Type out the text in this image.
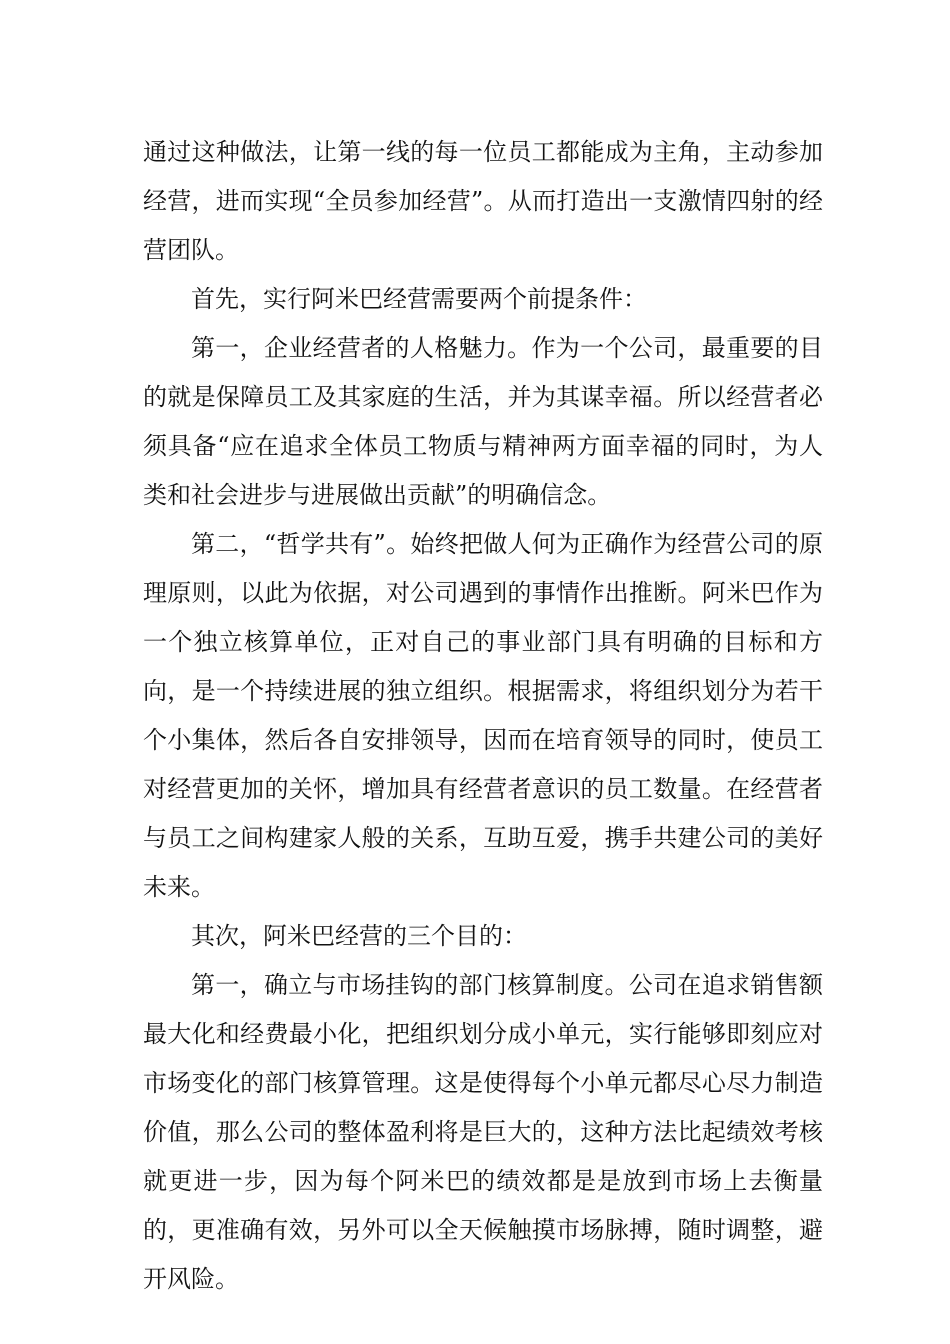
通过这种做法，让第一线的每一位员工都能成为主角，主动参加经营，进而实现“全员参加经营”。从而打造出一支激情四射的经营团队。

首先，实行阿米巴经营需要两个前提条件：

第一，企业经营者的人格魅力。作为一个公司，最重要的目的就是保障员工及其家庭的生活，并为其谋幸福。所以经营者必须具备“应在追求全体员工物质与精神两方面幸福的同时，为人类和社会进步与进展做出贡献”的明确信念。

第二，“哲学共有”。始终把做人何为正确作为经营公司的原理原则，以此为依据，对公司遇到的事情作出推断。阿米巴作为一个独立核算单位，正对自己的事业部门具有明确的目标和方向，是一个持续进展的独立组织。根据需求，将组织划分为若干个小集体，然后各自安排领导，因而在培育领导的同时，使员工对经营更加的关怀，增加具有经营者意识的员工数量。在经营者与员工之间构建家人般的关系，互助互爱，携手共建公司的美好未来。

其次，阿米巴经营的三个目的：

第一，确立与市场挂钩的部门核算制度。公司在追求销售额最大化和经费最小化，把组织划分成小单元，实行能够即刻应对市场变化的部门核算管理。这是使得每个小单元都尽心尽力制造价值，那么公司的整体盈利将是巨大的，这种方法比起绩效考核就更进一步，因为每个阿米巴的绩效都是是放到市场上去衡量的，更准确有效，另外可以全天候触摸市场脉搏，随时调整，避开风险。
